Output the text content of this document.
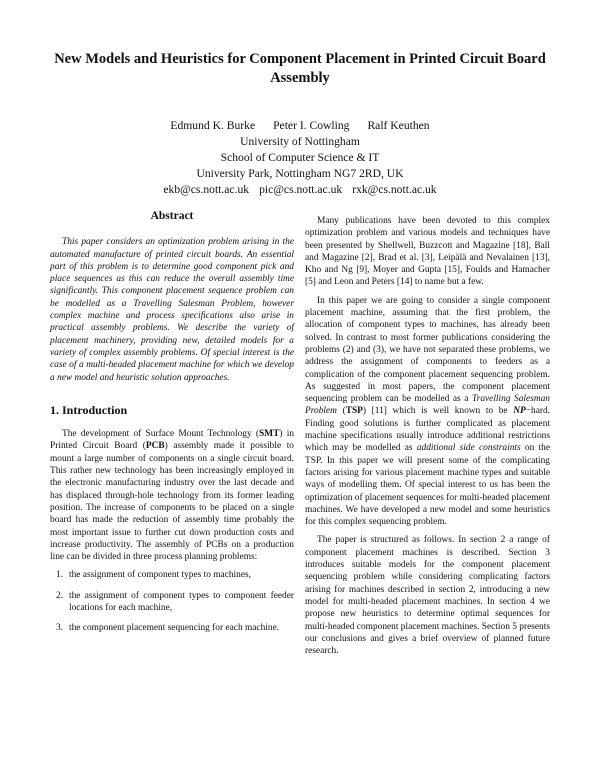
New Models and Heuristics for Component Placement in Printed Circuit Board Assembly
Edmund K. Burke Peter I. Cowling Ralf Keuthen
University of Nottingham
School of Computer Science & IT
University Park, Nottingham NG7 2RD, UK
ekb@cs.nott.ac.uk pic@cs.nott.ac.uk rxk@cs.nott.ac.uk
Abstract

This paper considers an optimization problem arising in the automated manufacture of printed circuit boards. An essential part of this problem is to determine good component pick and place sequences as this can reduce the overall assembly time significantly. This component placement sequence problem can be modelled as a Travelling Salesman Problem, however complex machine and process specifications also arise in practical assembly problems. We describe the variety of placement machinery, providing new, detailed models for a variety of complex assembly problems. Of special interest is the case of a multi-headed placement machine for which we develop a new model and heuristic solution approaches.

1. Introduction

The development of Surface Mount Technology (SMT) in Printed Circuit Board (PCB) assembly made it possible to mount a large number of components on a single circuit board. This rather new technology has been increasingly employed in the electronic manufacturing industry over the last decade and has displaced through-hole technology from its former leading position. The increase of components to be placed on a single board has made the reduction of assembly time probably the most important issue to further cut down production costs and increase productivity. The assembly of PCBs on a production line can be divided in three process planning problems:

1. the assignment of component types to machines,
2. the assignment of component types to component feeder locations for each machine,
3. the component placement sequencing for each machine.

Many publications have been devoted to this complex optimization problem and various models and techniques have been presented by Shellwell, Buzzcott and Magazine [18], Ball and Magazine [2], Brad et al. [3], Leipälä and Nevalainen [13], Kho and Ng [9], Moyer and Gupta [15], Foulds and Hamacher [5] and Leon and Peters [14] to name but a few.

In this paper we are going to consider a single component placement machine, assuming that the first problem, the allocation of component types to machines, has already been solved. In contrast to most former publications considering the problems (2) and (3), we have not separated these problems, we address the assignment of components to feeders as a complication of the component placement sequencing problem. As suggested in most papers, the component placement sequencing problem can be modelled as a Travelling Salesman Problem (TSP) [11] which is well known to be NP−hard. Finding good solutions is further complicated as placement machine specifications usually introduce additional restrictions which may be modelled as additional side constraints on the TSP. In this paper we will present some of the complicating factors arising for various placement machine types and suitable ways of modelling them. Of special interest to us has been the optimization of placement sequences for multi-headed placement machines. We have developed a new model and some heuristics for this complex sequencing problem.

The paper is structured as follows. In section 2 a range of component placement machines is described. Section 3 introduces suitable models for the component placement sequencing problem while considering complicating factors arising for machines described in section 2, introducing a new model for multi-headed placement machines. In section 4 we propose new heuristics to determine optimal sequences for multi-headed component placement machines. Section 5 presents our conclusions and gives a brief overview of planned future research.
